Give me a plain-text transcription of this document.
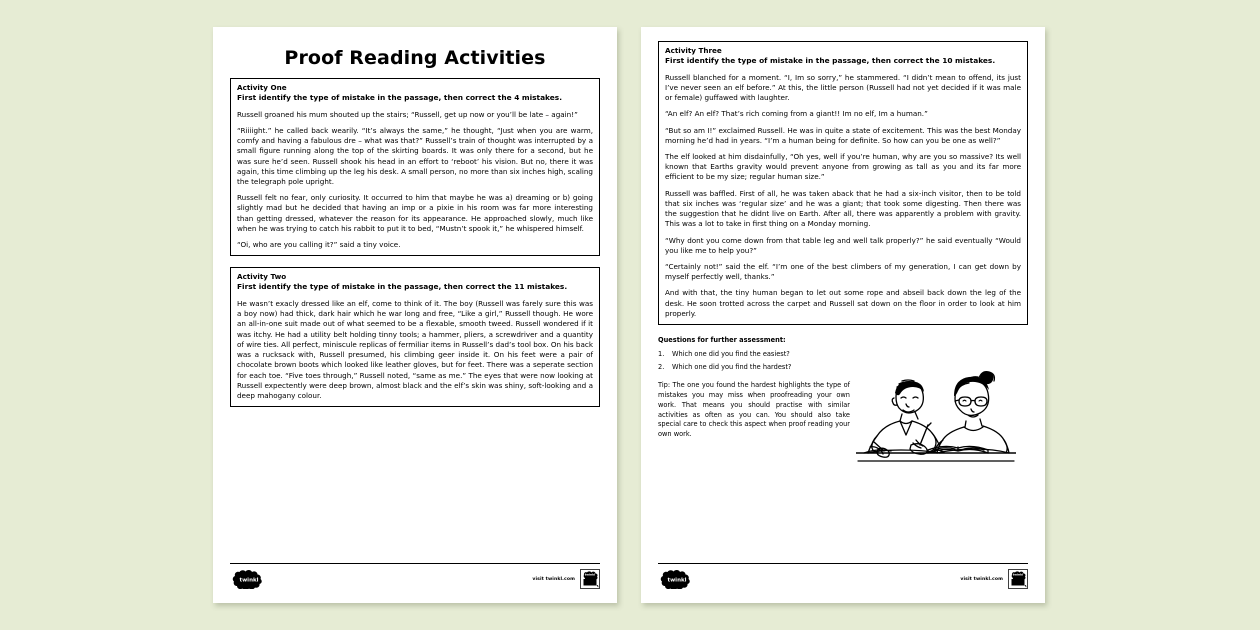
Proof Reading Activities
Activity One
First identify the type of mistake in the passage, then correct the 4 mistakes.

Russell groaned his mum shouted up the stairs; “Russell, get up now or you’ll be late – again!”

“Riiiight.” he called back wearily. “It’s always the same,” he thought, “Just when you are warm, comfy and having a fabulous dre – what was that?” Russell’s train of thought was interrupted by a small figure running along the top of the skirting boards. It was only there for a second, but he was sure he’d seen. Russell shook his head in an effort to ‘reboot’ his vision. But no, there it was again, this time climbing up the leg his desk. A small person, no more than six inches high, scaling the telegraph pole upright.

Russell felt no fear, only curiosity. It occurred to him that maybe he was a) dreaming or b) going slightly mad but he decided that having an imp or a pixie in his room was far more interesting than getting dressed, whatever the reason for its appearance. He approached slowly, much like when he was trying to catch his rabbit to put it to bed, “Mustn’t spook it,” he whispered himself.

“Oi, who are you calling it?” said a tiny voice.

Activity Two
First identify the type of mistake in the passage, then correct the 11 mistakes.

He wasn’t exacly dressed like an elf, come to think of it. The boy (Russell was farely sure this was a boy now) had thick, dark hair which he war long and free, “Like a girl,” Russell though. He wore an all-in-one suit made out of what seemed to be a flexable, smooth tweed. Russell wondered if it was itchy. He had a utility belt holding tinny tools; a hammer, pliers, a screwdriver and a quantity of wire ties. All perfect, miniscule replicas of fermiliar items in Russell’s dad’s tool box. On his back was a rucksack with, Russell presumed, his climbing geer inside it. On his feet were a pair of chocolate brown boots which looked like leather gloves, but for feet. There was a seperate section for each toe. “Five toes through,” Russell noted, “same as me.” The eyes that were now looking at Russell expectently were deep brown, almost black and the elf’s skin was shiny, soft-looking and a deep mahogany colour.

twinkl	visit twinkl.com
twinkl
Activity Three
First identify the type of mistake in the passage, then correct the 10 mistakes.

Russell blanched for a moment. “I, Im so sorry,” he stammered. “I didn’t mean to offend, its just I’ve never seen an elf before.” At this, the little person (Russell had not yet decided if it was male or female) guffawed with laughter.

“An elf? An elf? That’s rich coming from a giant!! Im no elf, Im a human.”

“But so am I!” exclaimed Russell. He was in quite a state of excitement. This was the best Monday morning he’d had in years. “I’m a human being for definite. So how can you be one as well?”

The elf looked at him disdainfully, “Oh yes, well if you’re human, why are you so massive? Its well known that Earths gravity would prevent anyone from growing as tall as you and its far more efficient to be my size; regular human size.”

Russell was baffled. First of all, he was taken aback that he had a six-inch visitor, then to be told that six inches was ‘regular size’ and he was a giant; that took some digesting. Then there was the suggestion that he didnt live on Earth. After all, there was apparently a problem with gravity. This was a lot to take in first thing on a Monday morning.

“Why dont you come down from that table leg and well talk properly?” he said eventually “Would you like me to help you?”

“Certainly not!” said the elf. “I’m one of the best climbers of my generation, I can get down by myself perfectly well, thanks.”

And with that, the tiny human began to let out some rope and abseil back down the leg of the desk. He soon trotted across the carpet and Russell sat down on the floor in order to look at him properly.

Questions for further assessment:
1.	Which one did you find the easiest?
2.	Which one did you find the hardest?
Tip: The one you found the hardest highlights the type of mistakes you may miss when proofreading your own work. That means you should practise with similar activities as often as you can. You should also take special care to check this aspect when proof reading your own work.
twinkl	visit twinkl.com
twinkl
